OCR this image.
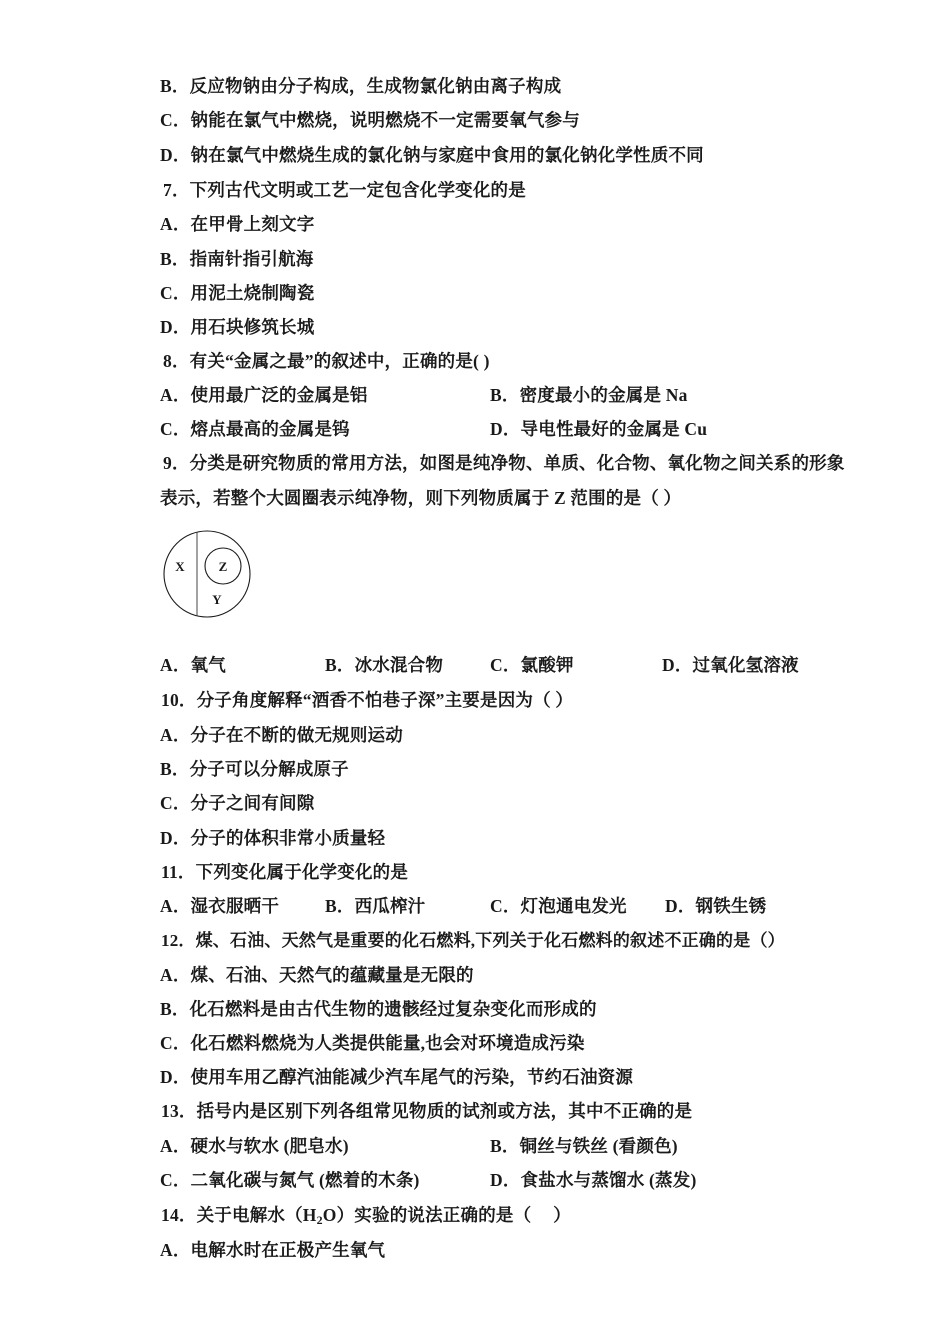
B．反应物钠由分子构成，生成物氯化钠由离子构成
C．钠能在氯气中燃烧，说明燃烧不一定需要氧气参与
D．钠在氯气中燃烧生成的氯化钠与家庭中食用的氯化钠化学性质不同
7．下列古代文明或工艺一定包含化学变化的是
A．在甲骨上刻文字
B．指南针指引航海
C．用泥土烧制陶瓷
D．用石块修筑长城
8．有关“金属之最”的叙述中，正确的是( )
A．使用最广泛的金属是铝	B．密度最小的金属是 Na
C．熔点最高的金属是钨	D．导电性最好的金属是 Cu
9．分类是研究物质的常用方法，如图是纯净物、单质、化合物、氧化物之间关系的形象
表示，若整个大圆圈表示纯净物，则下列物质属于 Z 范围的是（ ）
X	Z
Y
A．氧气	B．冰水混合物	C．氯酸钾	D．过氧化氢溶液
10．分子角度解释“酒香不怕巷子深”主要是因为（ ）
A．分子在不断的做无规则运动
B．分子可以分解成原子
C．分子之间有间隙
D．分子的体积非常小质量轻
11．下列变化属于化学变化的是
A．湿衣服晒干	B．西瓜榨汁	C．灯泡通电发光 D．钢铁生锈
12．煤、石油、天然气是重要的化石燃料,下列关于化石燃料的叙述不正确的是（）
A．煤、石油、天然气的蕴藏量是无限的
B．化石燃料是由古代生物的遗骸经过复杂变化而形成的
C．化石燃料燃烧为人类提供能量,也会对环境造成污染
D．使用车用乙醇汽油能减少汽车尾气的污染，节约石油资源
13．括号内是区别下列各组常见物质的试剂或方法，其中不正确的是
A．硬水与软水 (肥皂水)	B．铜丝与铁丝 (看颜色)
C．二氧化碳与氮气 (燃着的木条)	D．食盐水与蒸馏水 (蒸发)
14．关于电解水$(H_2O)$实验的说法正确的是（ ）
A．电解水时在正极产生氧气
